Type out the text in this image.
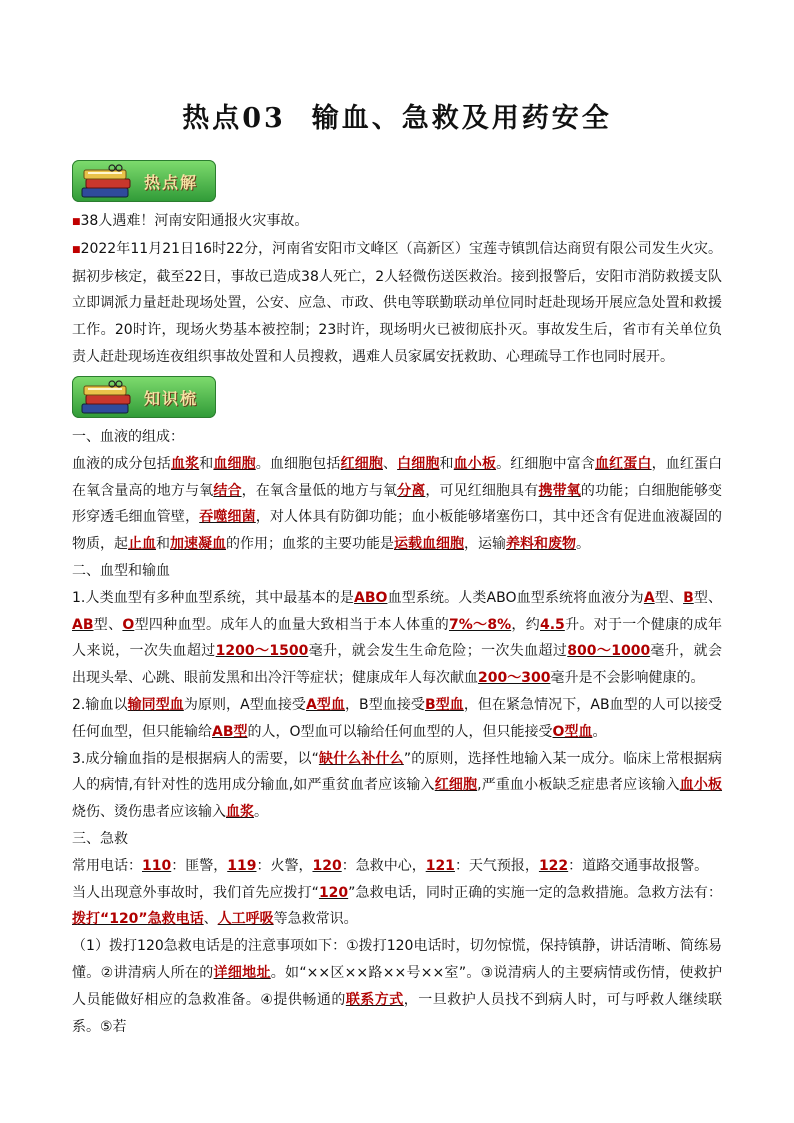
热点03 输血、急救及用药安全
热点解

■38人遇难！河南安阳通报火灾事故。

■2022年11月21日16时22分，河南省安阳市文峰区（高新区）宝莲寺镇凯信达商贸有限公司发生火灾。据初步核定，截至22日，事故已造成38人死亡，2人轻微伤送医救治。接到报警后，安阳市消防救援支队立即调派力量赶赴现场处置，公安、应急、市政、供电等联勤联动单位同时赶赴现场开展应急处置和救援工作。20时许，现场火势基本被控制；23时许，现场明火已被彻底扑灭。事故发生后，省市有关单位负责人赶赴现场连夜组织事故处置和人员搜救，遇难人员家属安抚救助、心理疏导工作也同时展开。

知识梳

一、血液的组成：

血液的成分包括血浆和血细胞。血细胞包括红细胞、白细胞和血小板。红细胞中富含血红蛋白，血红蛋白在氧含量高的地方与氧结合，在氧含量低的地方与氧分离，可见红细胞具有携带氧的功能；白细胞能够变形穿透毛细血管壁，吞噬细菌，对人体具有防御功能；血小板能够堵塞伤口，其中还含有促进血液凝固的物质，起止血和加速凝血的作用；血浆的主要功能是运载血细胞，运输养料和废物。

二、血型和输血

1.人类血型有多种血型系统，其中最基本的是ABO血型系统。人类ABO血型系统将血液分为A型、B型、AB型、O型四种血型。成年人的血量大致相当于本人体重的7%～8%，约4.5升。对于一个健康的成年人来说，一次失血超过1200～1500毫升，就会发生生命危险；一次失血超过800～1000毫升，就会出现头晕、心跳、眼前发黑和出冷汗等症状；健康成年人每次献血200～300毫升是不会影响健康的。

2.输血以输同型血为原则，A型血接受A型血，B型血接受B型血，但在紧急情况下，AB血型的人可以接受任何血型，但只能输给AB型的人，O型血可以输给任何血型的人，但只能接受O型血。

3.成分输血指的是根据病人的需要，以“缺什么补什么”的原则，选择性地输入某一成分。临床上常根据病人的病情,有针对性的选用成分输血,如严重贫血者应该输入红细胞,严重血小板缺乏症患者应该输入血小板烧伤、烫伤患者应该输入血浆。

三、急救

常用电话：110：匪警，119：火警，120：急救中心，121：天气预报，122：道路交通事故报警。

当人出现意外事故时，我们首先应拨打“120”急救电话，同时正确的实施一定的急救措施。急救方法有：拨打“120”急救电话、人工呼吸等急救常识。

（1）拨打120急救电话是的注意事项如下：①拨打120电话时，切勿惊慌，保持镇静，讲话清晰、简练易懂。②讲清病人所在的详细地址。如“××区××路××号××室”。③说清病人的主要病情或伤情，使救护人员能做好相应的急救准备。④提供畅通的联系方式，一旦救护人员找不到病人时，可与呼救人继续联系。⑤若
